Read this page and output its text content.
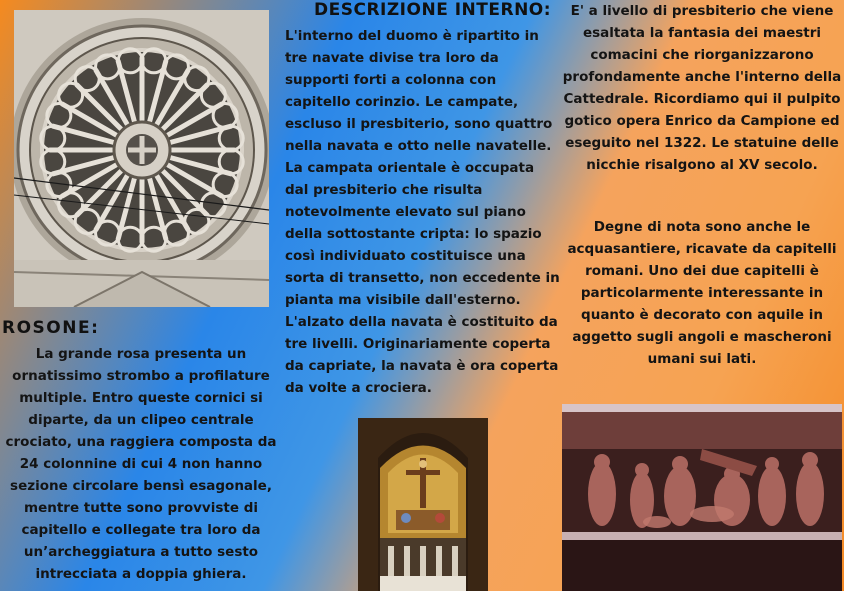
DESCRIZIONE INTERNO:
L'interno del duomo è ripartito in tre navate divise tra loro da supporti forti a colonna con capitello corinzio. Le campate, escluso il presbiterio, sono quattro nella navata e otto nelle navatelle. La campata orientale è occupata dal presbiterio che risulta notevolmente elevato sul piano della sottostante cripta: lo spazio così individuato costituisce una sorta di transetto, non eccedente in pianta ma visibile dall'esterno. L'alzato della navata è costituito da tre livelli. Originariamente coperta da capriate, la navata è ora coperta da volte a crociera.
E' a livello di presbiterio che viene esaltata la fantasia dei maestri comacini che riorganizzarono profondamente anche l'interno della Cattedrale. Ricordiamo qui il pulpito gotico opera Enrico da Campione ed eseguito nel 1322. Le statuine delle nicchie risalgono al XV secolo.
Degne di nota sono anche le acquasantiere, ricavate da capitelli romani. Uno dei due capitelli è particolarmente interessante in quanto è decorato con aquile in aggetto sugli angoli e mascheroni umani sui lati.
ROSONE:
La grande rosa presenta un ornatissimo strombo a profilature multiple. Entro queste cornici si diparte, da un clipeo centrale crociato, una raggiera composta da 24 colonnine di cui 4 non hanno sezione circolare bensì esagonale, mentre tutte sono provviste di capitello e collegate tra loro da un’archeggiatura a tutto sesto intrecciata a doppia ghiera.
